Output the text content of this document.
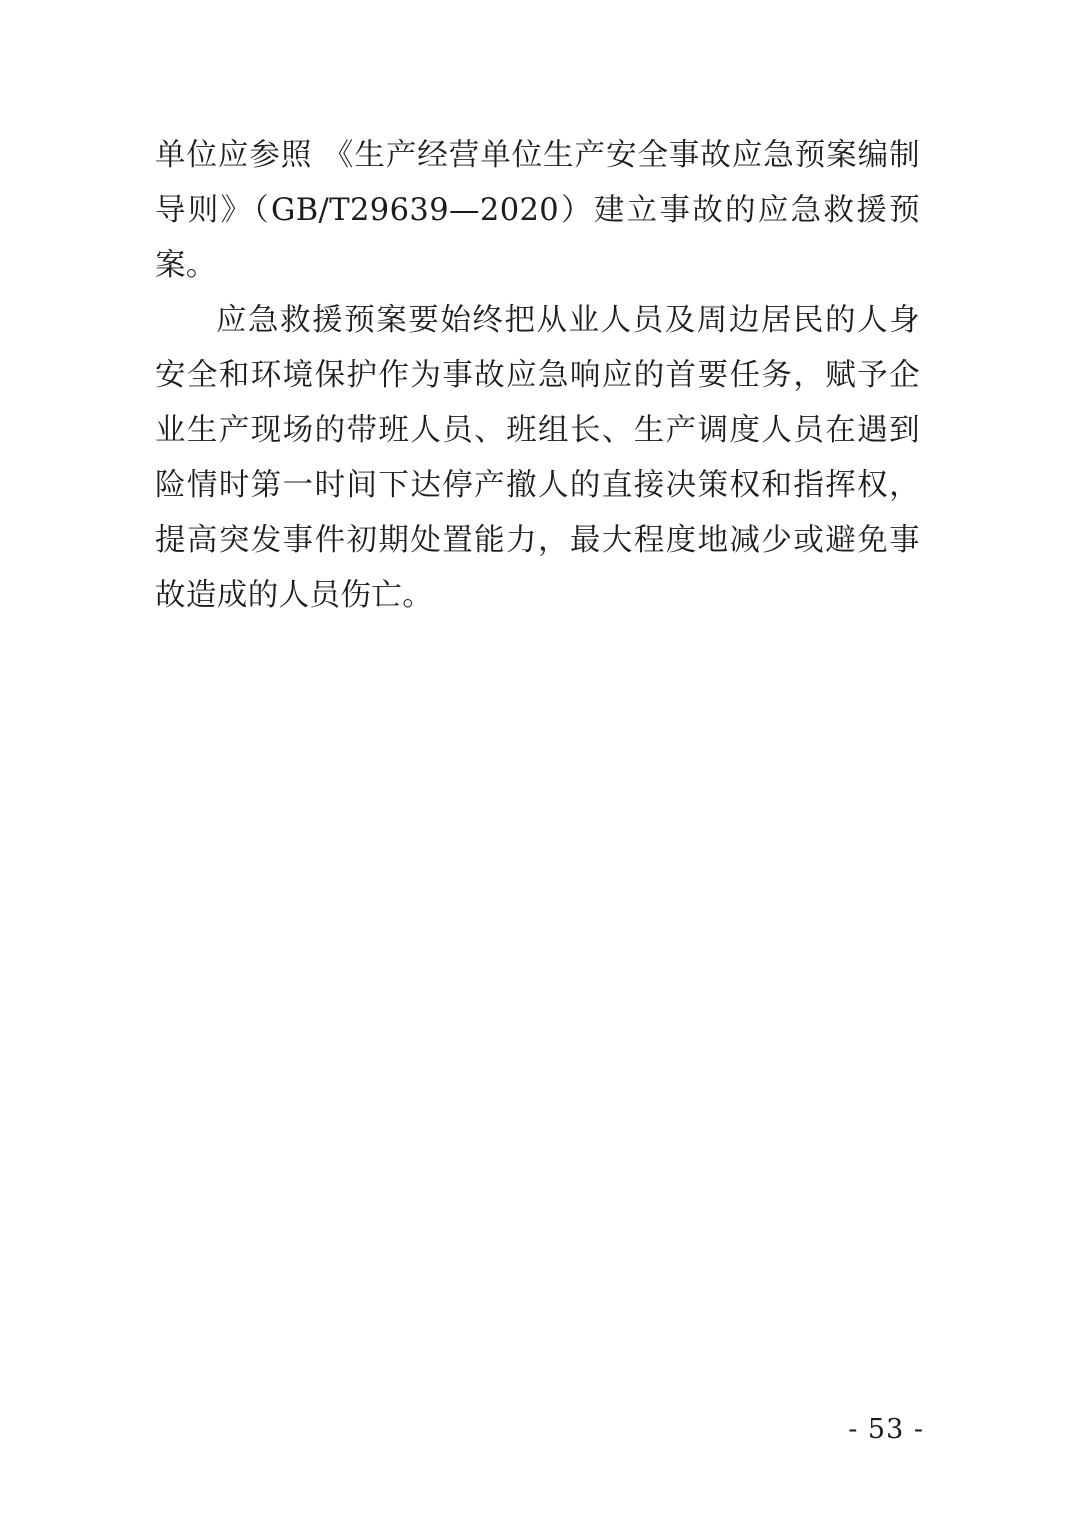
单位应参照 《生产经营单位生产安全事故应急预案编制导则》（GB/T29639—2020）建立事故的应急救援预案。

应急救援预案要始终把从业人员及周边居民的人身安全和环境保护作为事故应急响应的首要任务，赋予企业生产现场的带班人员、班组长、生产调度人员在遇到险情时第一时间下达停产撤人的直接决策权和指挥权，提高突发事件初期处置能力，最大程度地减少或避免事故造成的人员伤亡。

- 53 -
